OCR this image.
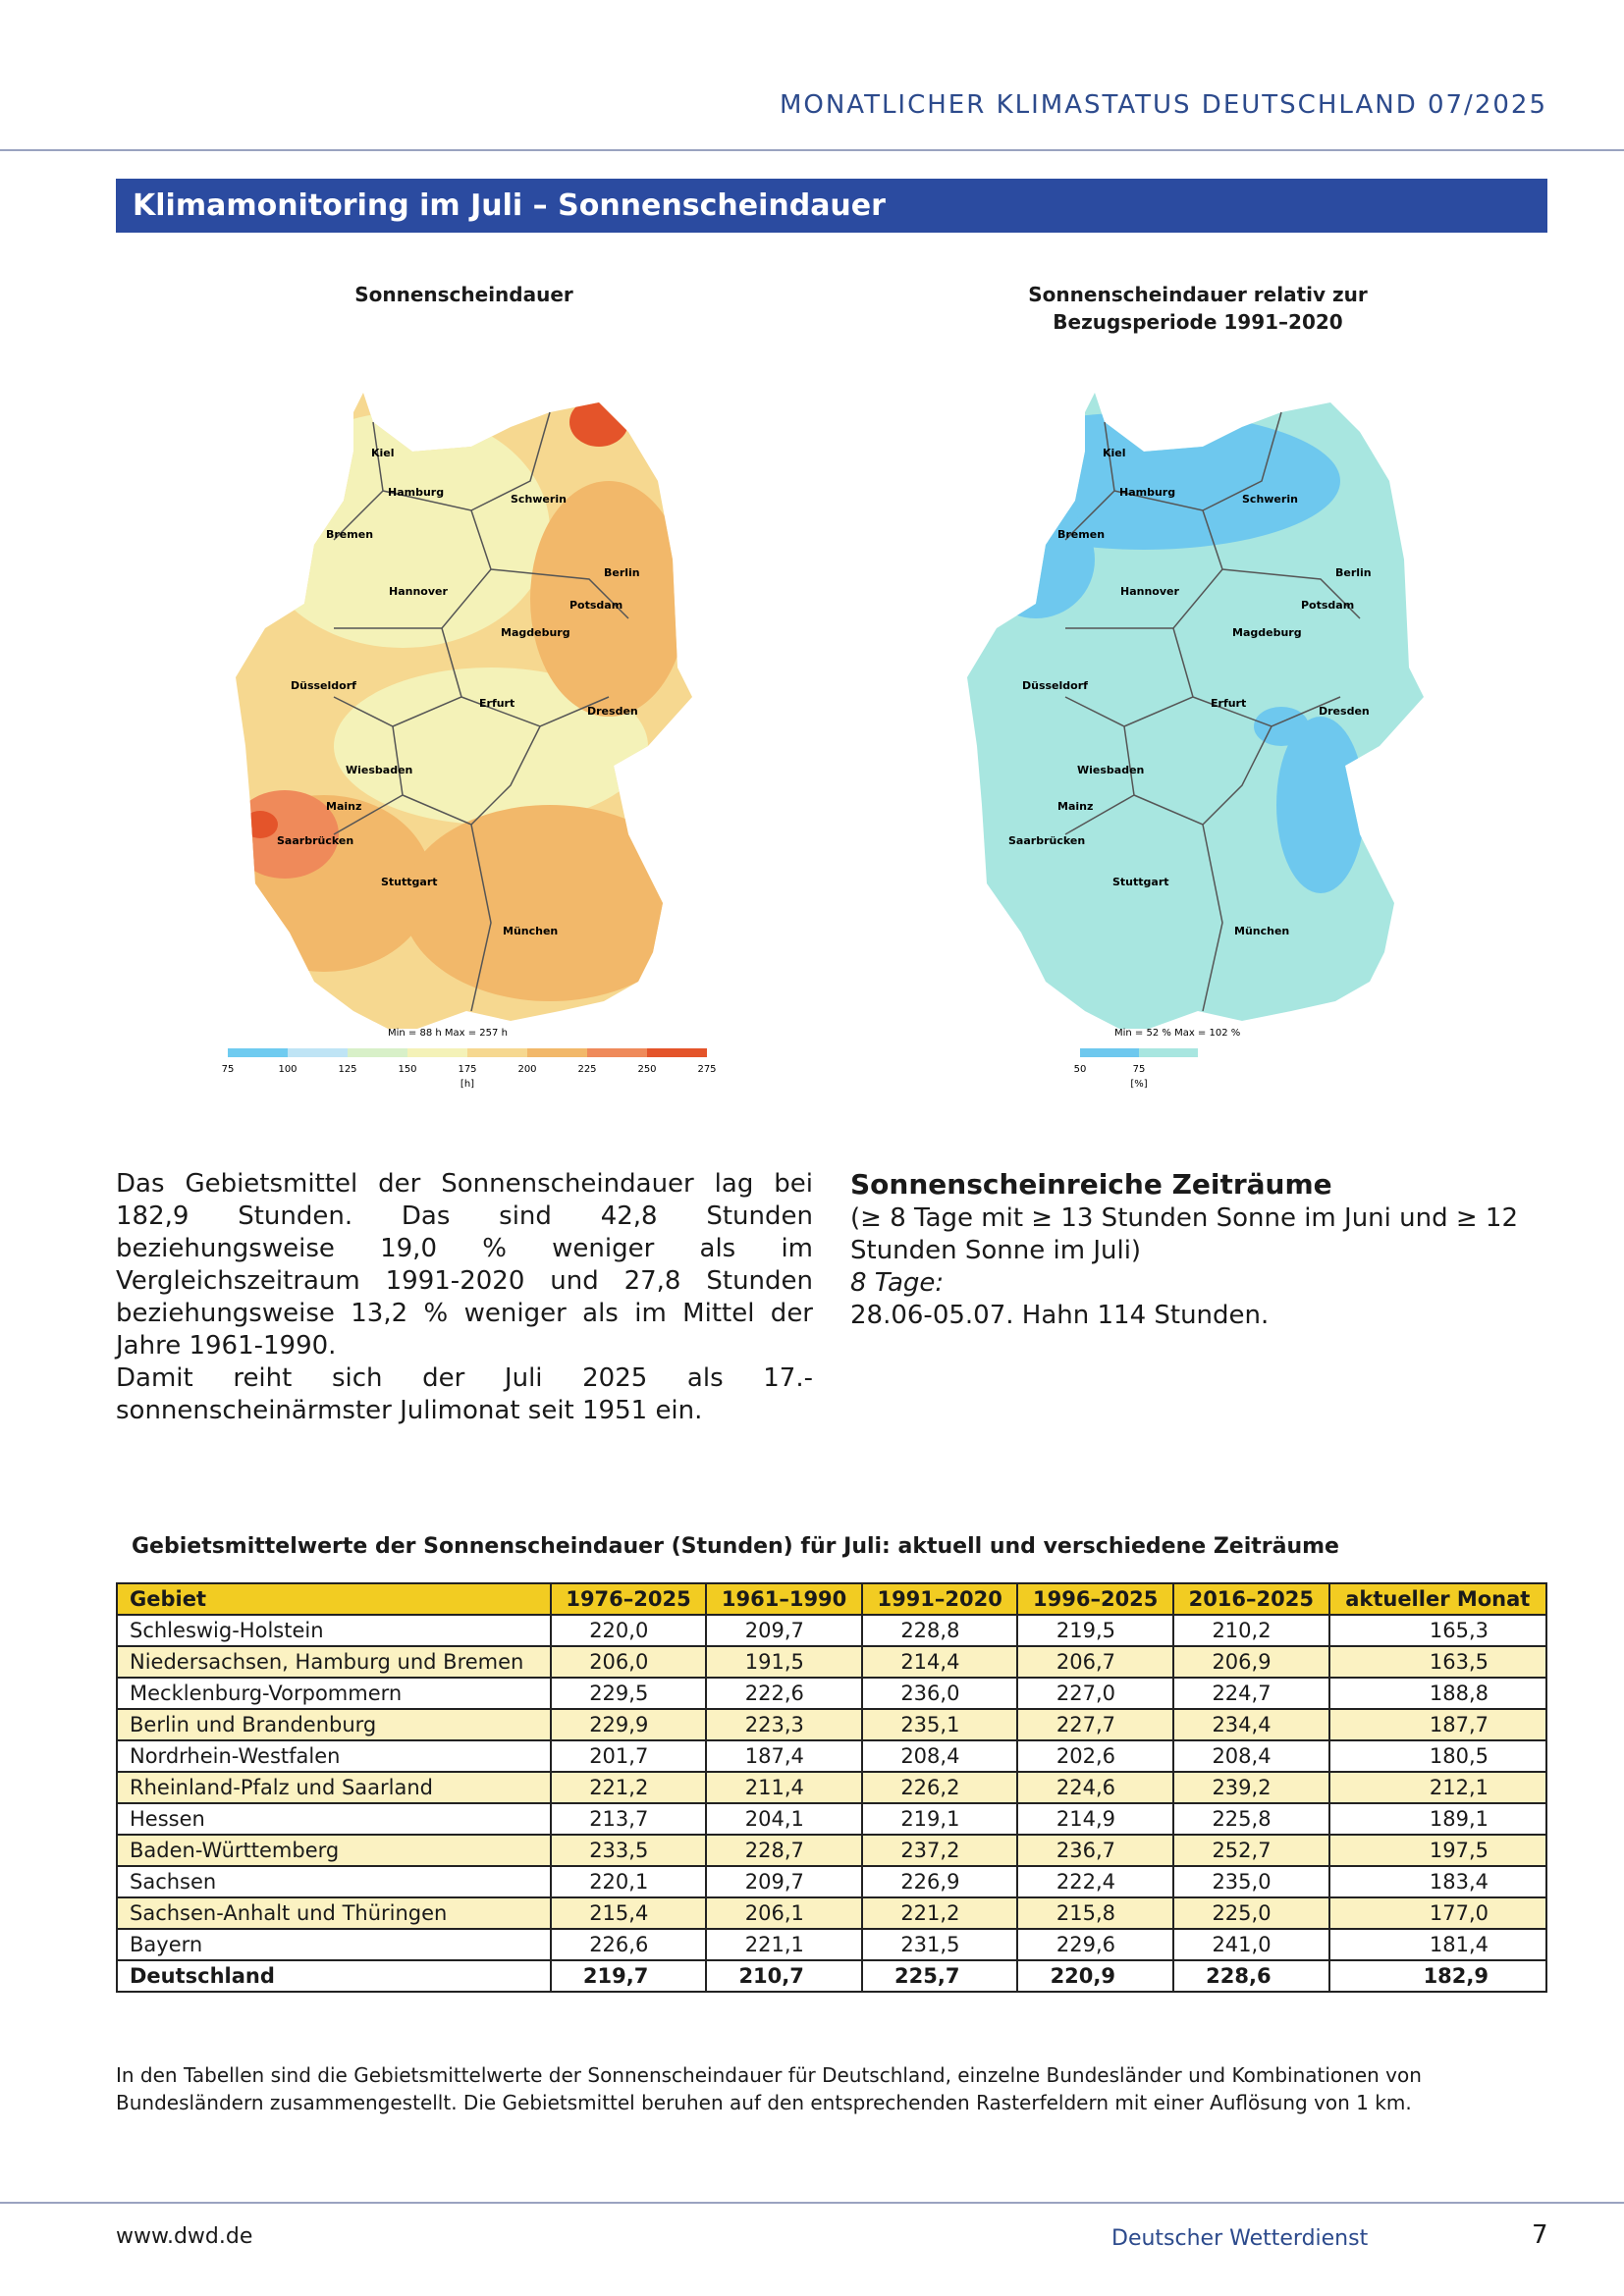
MONATLICHER KLIMASTATUS DEUTSCHLAND 07/2025
Klimamonitoring im Juli – Sonnenscheindauer
Sonnenscheindauer
Kiel
Hamburg
Schwerin
Bremen
Hannover
Berlin
Potsdam
Magdeburg
Düsseldorf
Erfurt
Dresden
Wiesbaden
Mainz
Saarbrücken
Stuttgart
München
Min = 88 h Max = 257 h
75	100	125	150	175	200	225	250	275
[h]
Sonnenscheindauer relativ zur
Bezugsperiode 1991–2020
Kiel
Hamburg
Schwerin
Bremen
Hannover
Berlin
Potsdam
Magdeburg
Düsseldorf
Erfurt
Dresden
Wiesbaden
Mainz
Saarbrücken
Stuttgart
München
Min = 52 % Max = 102 %
50	75
[%]
Das Gebietsmittel der Sonnenscheindauer lag bei 182,9 Stunden. Das sind 42,8 Stunden beziehungsweise 19,0 % weniger als im Vergleichszeitraum 1991-2020 und 27,8 Stunden beziehungsweise 13,2 % weniger als im Mittel der Jahre 1961-1990.
Damit reiht sich der Juli 2025 als 17.-sonnenscheinärmster Julimonat seit 1951 ein.
Sonnenscheinreiche Zeiträume
(≥ 8 Tage mit ≥ 13 Stunden Sonne im Juni und ≥ 12 Stunden Sonne im Juli)
8 Tage:
28.06-05.07. Hahn 114 Stunden.
Gebietsmittelwerte der Sonnenscheindauer (Stunden) für Juli: aktuell und verschiedene Zeiträume
Gebiet	1976–2025	1961–1990	1991–2020	1996–2025	2016–2025	aktueller Monat
Schleswig-Holstein	220,0	209,7	228,8	219,5	210,2	165,3
Niedersachsen, Hamburg und Bremen	206,0	191,5	214,4	206,7	206,9	163,5
Mecklenburg-Vorpommern	229,5	222,6	236,0	227,0	224,7	188,8
Berlin und Brandenburg	229,9	223,3	235,1	227,7	234,4	187,7
Nordrhein-Westfalen	201,7	187,4	208,4	202,6	208,4	180,5
Rheinland-Pfalz und Saarland	221,2	211,4	226,2	224,6	239,2	212,1
Hessen	213,7	204,1	219,1	214,9	225,8	189,1
Baden-Württemberg	233,5	228,7	237,2	236,7	252,7	197,5
Sachsen	220,1	209,7	226,9	222,4	235,0	183,4
Sachsen-Anhalt und Thüringen	215,4	206,1	221,2	215,8	225,0	177,0
Bayern	226,6	221,1	231,5	229,6	241,0	181,4
Deutschland	219,7	210,7	225,7	220,9	228,6	182,9
In den Tabellen sind die Gebietsmittelwerte der Sonnenscheindauer für Deutschland, einzelne Bundesländer und Kombinationen von Bundesländern zusammengestellt. Die Gebietsmittel beruhen auf den entsprechenden Rasterfeldern mit einer Auflösung von 1 km.
www.dwd.de	Deutscher Wetterdienst	7
